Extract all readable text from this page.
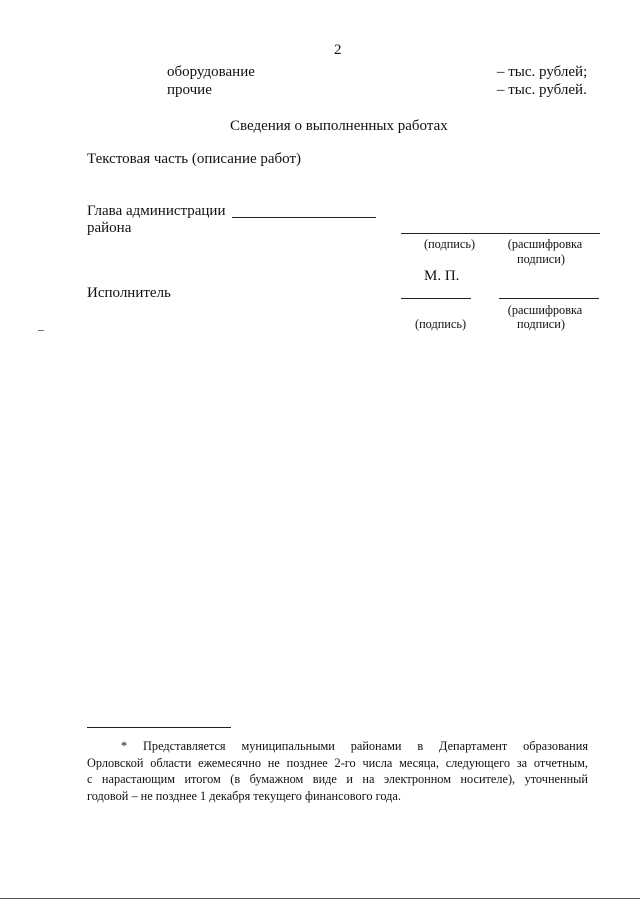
2
оборудование	– тыс. рублей;
прочие	– тыс. рублей.
Сведения о выполненных работах
Текстовая часть (описание работ)
Глава администрации
района
(подпись)	(расшифровка
подписи)
М. П.
Исполнитель
(расшифровка
(подпись)	подписи)
* Представляется муниципальными районами в Департамент образования
Орловской области ежемесячно не позднее 2-го числа месяца, следующего за отчетным,
с нарастающим итогом (в бумажном виде и на электронном носителе), уточненный
годовой – не позднее 1 декабря текущего финансового года.
